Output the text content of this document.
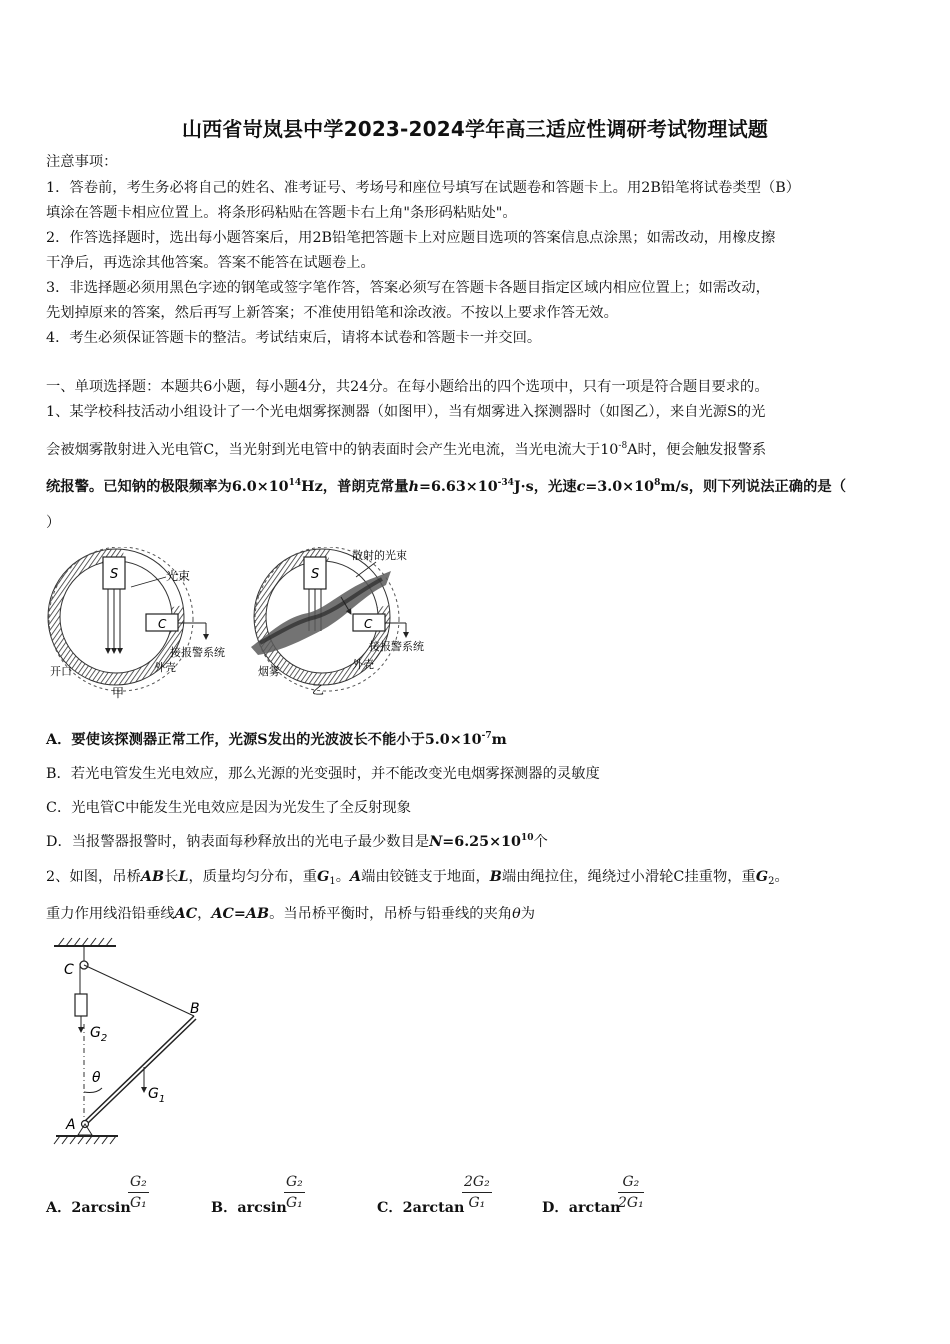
山西省岢岚县中学2023-2024学年高三适应性调研考试物理试题
注意事项：
1．答卷前，考生务必将自己的姓名、准考证号、考场号和座位号填写在试题卷和答题卡上。用2B铅笔将试卷类型（B）
填涂在答题卡相应位置上。将条形码粘贴在答题卡右上角"条形码粘贴处"。
2．作答选择题时，选出每小题答案后，用2B铅笔把答题卡上对应题目选项的答案信息点涂黑；如需改动，用橡皮擦
干净后，再选涂其他答案。答案不能答在试题卷上。
3．非选择题必须用黑色字迹的钢笔或签字笔作答，答案必须写在答题卡各题目指定区域内相应位置上；如需改动，
先划掉原来的答案，然后再写上新答案；不准使用铅笔和涂改液。不按以上要求作答无效。
4．考生必须保证答题卡的整洁。考试结束后，请将本试卷和答题卡一并交回。
一、单项选择题：本题共6小题，每小题4分，共24分。在每小题给出的四个选项中，只有一项是符合题目要求的。
1、某学校科技活动小组设计了一个光电烟雾探测器（如图甲），当有烟雾进入探测器时（如图乙），来自光源S的光
会被烟雾散射进入光电管C，当光射到光电管中的钠表面时会产生光电流，当光电流大于$10^{-8}A$时，便会触发报警系
统报警。已知钠的极限频率为$6.0\times 10^{14}Hz$，普朗克常量$h=6.63\times 10^{-34}J\cdot s$，光速$c=3.0\times 10^8m/s$，则下列说法正确的是（
）
S
C
光束
接报警系统
开口	外壳
甲
S
C
散射的光束
接报警系统
烟雾
外壳
乙
A．要使该探测器正常工作，光源S发出的光波波长不能小于$5.0\times 10^{-7}m$
B．若光电管发生光电效应，那么光源的光变强时，并不能改变光电烟雾探测器的灵敏度
C．光电管C中能发生光电效应是因为光发生了全反射现象
D．当报警器报警时，钠表面每秒释放出的光电子最少数目是$N=6.25\times 10^{10}$个
2、如图，吊桥AB长L，质量均匀分布，重$G_1$。A端由铰链支于地面，B端由绳拉住，绳绕过小滑轮C挂重物，重$G_2$。
重力作用线沿铅垂线AC，AC=AB。当吊桥平衡时，吊桥与铅垂线的夹角θ为
C
B
A
θ
$G_2$
$G_1$
A．2arcsin
$\frac{\text{G₂}}{\text{G₁}}$	B．arcsin
$\frac{\text{G₂}}{\text{G₁}}$	C．2arctan
$\frac{\text{2G₂}}{\text{G₁}}$	D．arctan
$\frac{\text{G₂}}{\text{2G₁}}$
